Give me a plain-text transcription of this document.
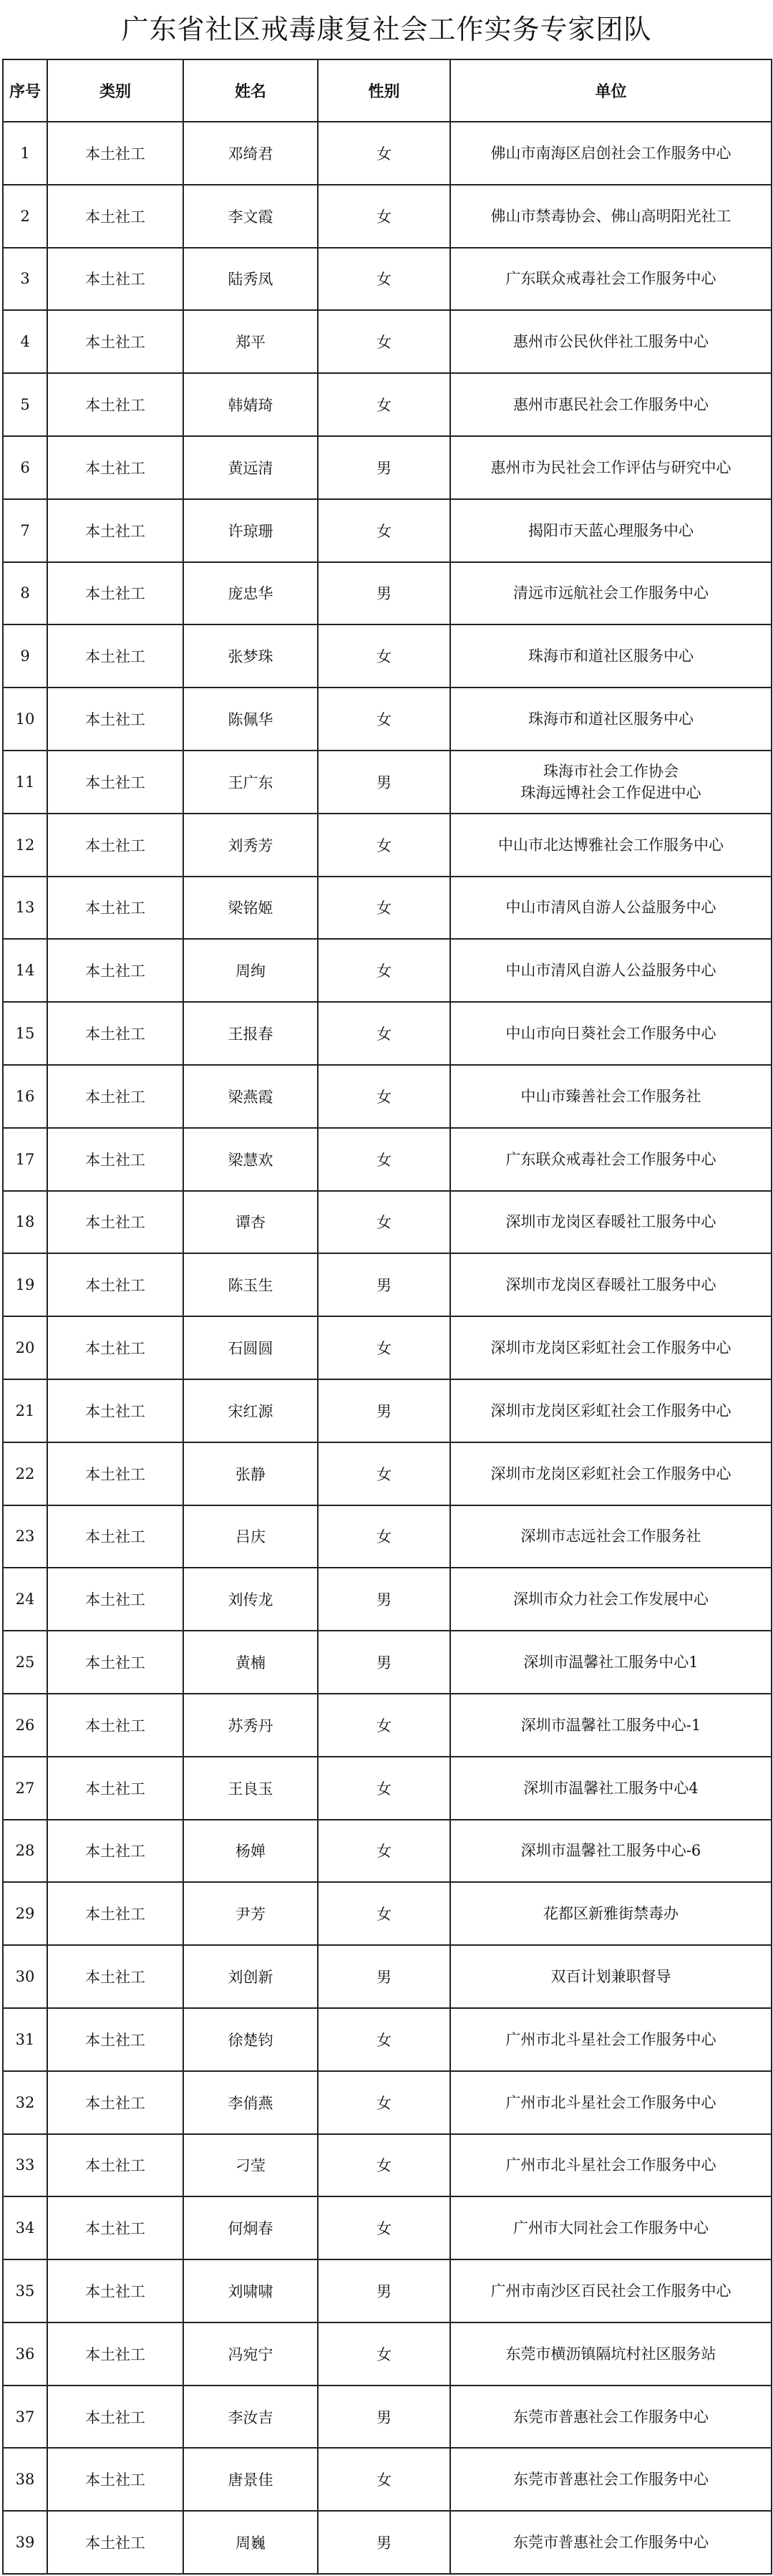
广东省社区戒毒康复社会工作实务专家团队
序号	类别	姓名	性别	单位
1	本土社工	邓绮君	女	佛山市南海区启创社会工作服务中心

2	本土社工	李文霞	女	佛山市禁毒协会、佛山高明阳光社工

3	本土社工	陆秀凤	女	广东联众戒毒社会工作服务中心

4	本土社工	郑平	女	惠州市公民伙伴社工服务中心

5	本土社工	韩婧琦	女	惠州市惠民社会工作服务中心

6	本土社工	黄远清	男	惠州市为民社会工作评估与研究中心

7	本土社工	许琼珊	女	揭阳市天蓝心理服务中心

8	本土社工	庞忠华	男	清远市远航社会工作服务中心

9	本土社工	张梦珠	女	珠海市和道社区服务中心

10	本土社工	陈佩华	女	珠海市和道社区服务中心

11	本土社工	王广东	男	珠海市社会工作协会
珠海远博社会工作促进中心

12	本土社工	刘秀芳	女	中山市北达博雅社会工作服务中心

13	本土社工	梁铭姬	女	中山市清风自游人公益服务中心

14	本土社工	周绚	女	中山市清风自游人公益服务中心

15	本土社工	王报春	女	中山市向日葵社会工作服务中心

16	本土社工	梁燕霞	女	中山市臻善社会工作服务社

17	本土社工	梁慧欢	女	广东联众戒毒社会工作服务中心

18	本土社工	谭杏	女	深圳市龙岗区春暖社工服务中心

19	本土社工	陈玉生	男	深圳市龙岗区春暖社工服务中心

20	本土社工	石圆圆	女	深圳市龙岗区彩虹社会工作服务中心

21	本土社工	宋红源	男	深圳市龙岗区彩虹社会工作服务中心

22	本土社工	张静	女	深圳市龙岗区彩虹社会工作服务中心

23	本土社工	吕庆	女	深圳市志远社会工作服务社

24	本土社工	刘传龙	男	深圳市众力社会工作发展中心

25	本土社工	黄楠	男	深圳市温馨社工服务中心1

26	本土社工	苏秀丹	女	深圳市温馨社工服务中心-1

27	本土社工	王良玉	女	深圳市温馨社工服务中心4

28	本土社工	杨婵	女	深圳市温馨社工服务中心-6

29	本土社工	尹芳	女	花都区新雅街禁毒办

30	本土社工	刘创新	男	双百计划兼职督导

31	本土社工	徐楚钧	女	广州市北斗星社会工作服务中心

32	本土社工	李俏燕	女	广州市北斗星社会工作服务中心

33	本土社工	刁莹	女	广州市北斗星社会工作服务中心

34	本土社工	何炯春	女	广州市大同社会工作服务中心

35	本土社工	刘啸啸	男	广州市南沙区百民社会工作服务中心

36	本土社工	冯宛宁	女	东莞市横沥镇隔坑村社区服务站

37	本土社工	李汝吉	男	东莞市普惠社会工作服务中心

38	本土社工	唐景佳	女	东莞市普惠社会工作服务中心

39	本土社工	周巍	男	东莞市普惠社会工作服务中心
